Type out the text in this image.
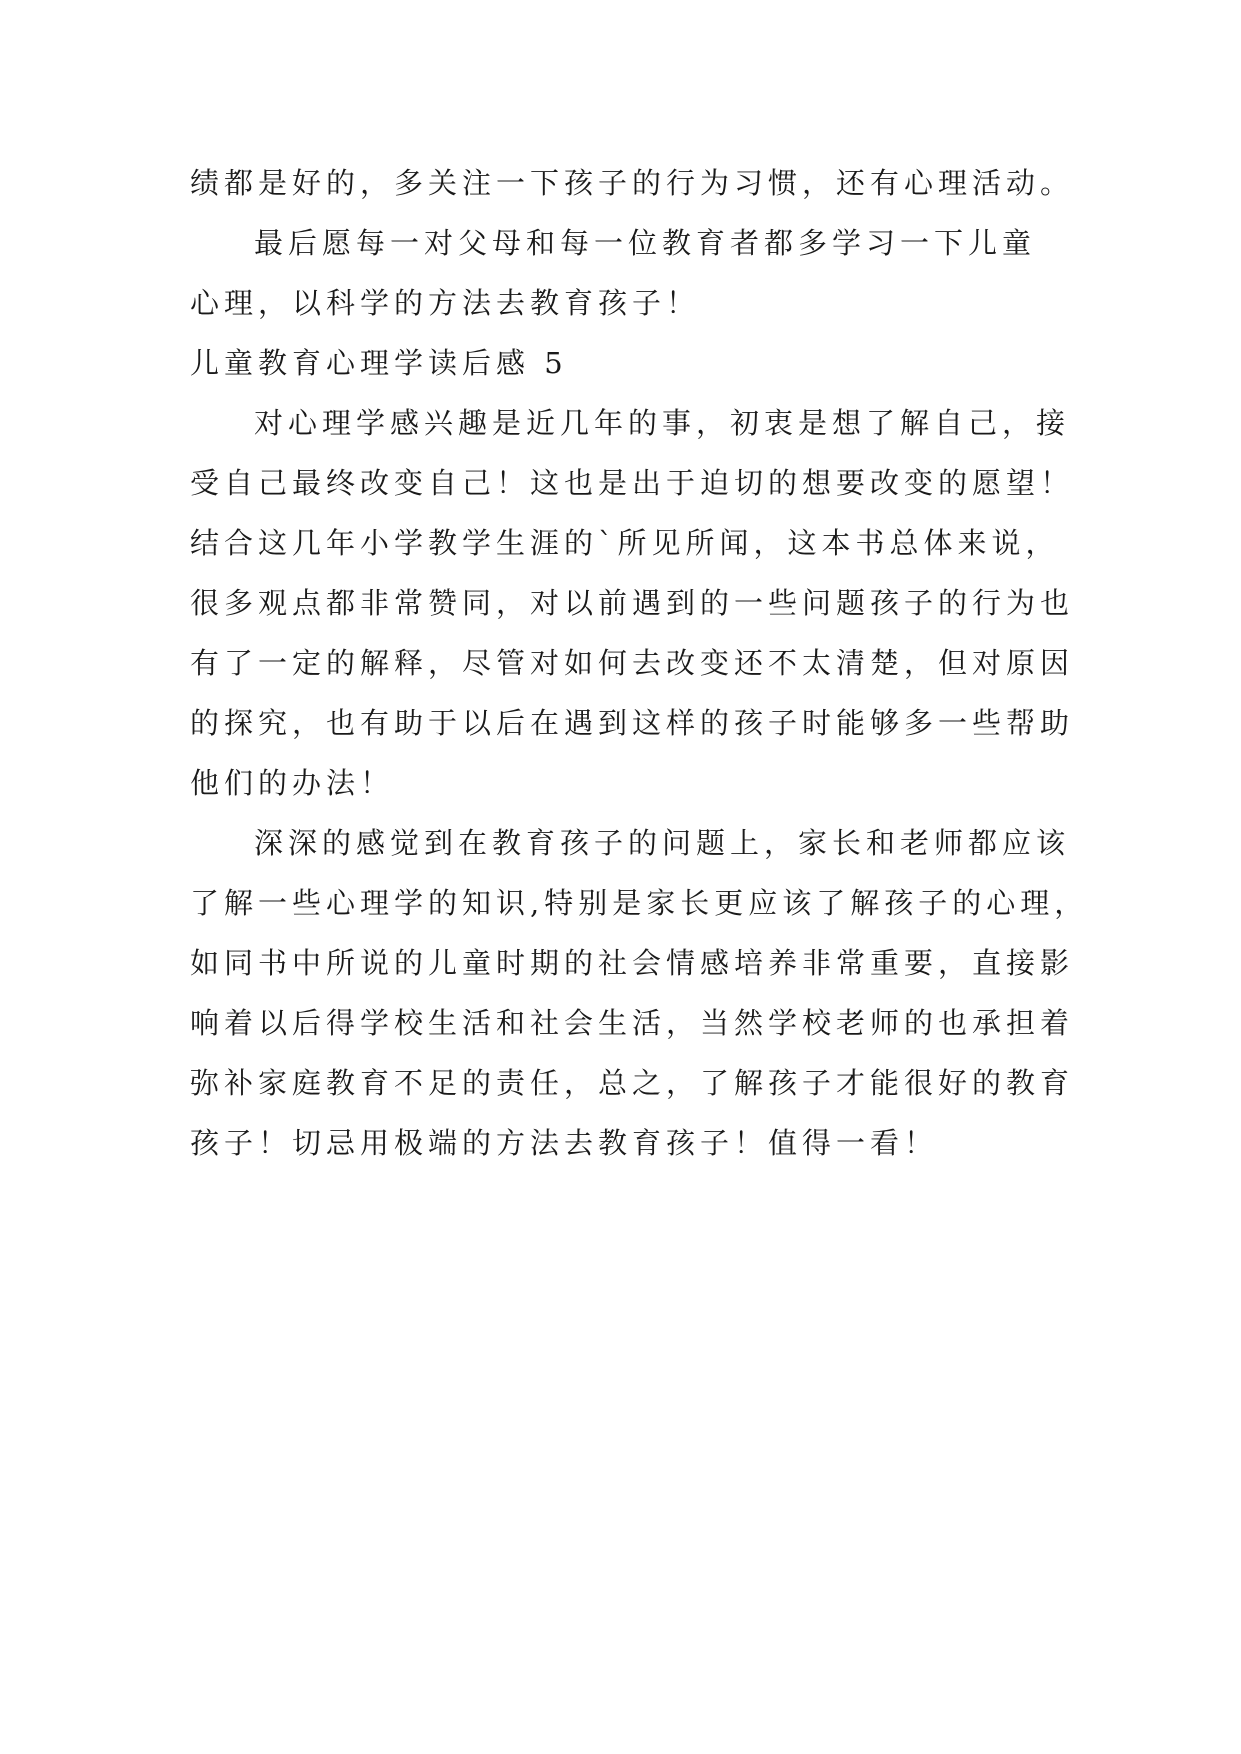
绩都是好的，多关注一下孩子的行为习惯，还有心理活动。
最后愿每一对父母和每一位教育者都多学习一下儿童
心理，以科学的方法去教育孩子！
儿童教育心理学读后感 5
对心理学感兴趣是近几年的事，初衷是想了解自己，接
受自己最终改变自己！这也是出于迫切的想要改变的愿望！
结合这几年小学教学生涯的`所见所闻，这本书总体来说，
很多观点都非常赞同，对以前遇到的一些问题孩子的行为也
有了一定的解释，尽管对如何去改变还不太清楚，但对原因
的探究，也有助于以后在遇到这样的孩子时能够多一些帮助
他们的办法！
深深的感觉到在教育孩子的问题上，家长和老师都应该
了解一些心理学的知识,特别是家长更应该了解孩子的心理，
如同书中所说的儿童时期的社会情感培养非常重要，直接影
响着以后得学校生活和社会生活，当然学校老师的也承担着
弥补家庭教育不足的责任，总之，了解孩子才能很好的教育
孩子！切忌用极端的方法去教育孩子！值得一看！
